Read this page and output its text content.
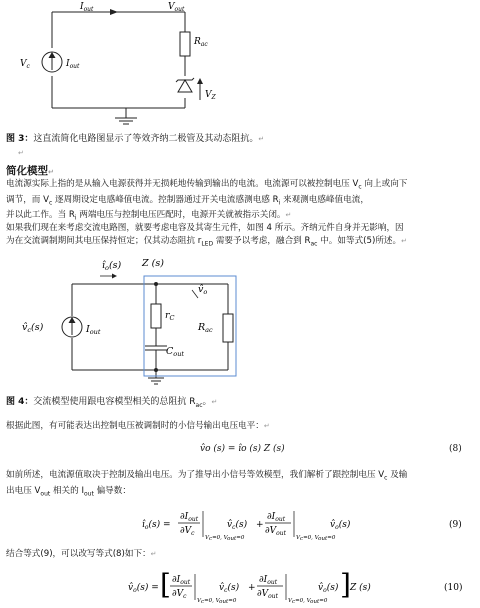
$I_{out}$	$V_{out}$
$R_{ac}$
$V_c$	$I_{out}$
$V_Z$
图 3：这直流简化电路图显示了等效齐纳二极管及其动态阻抗。↵
↵
简化模型↵
电流源实际上指的是从输入电源获得并无损耗地传输到输出的电流。电流源可以被控制电压 $V_c$ 向上或向下
调节，而 $V_c$ 逐周期设定电感峰值电流。控制器通过开关电流感测电感 $R_i$ 来观测电感峰值电流，
并以此工作。当 $R_i$ 两端电压与控制电压匹配时，电源开关就被指示关闭。↵
如果我们现在来考虑交流电路图，就要考虑电容及其寄生元件，如图 4 所示。齐纳元件自身并无影响，因
为在交流调制期间其电压保持恒定；仅其动态阻抗 $r_{LED}$ 需要予以考虑，融合到 $R_{ac}$ 中。如等式(5)所述。↵
$î_o(s)$ Z (s)
$v̂_o$
$v̂_c(s)$	$I_{out}$
$r_C$
$R_{ac}$
$C_{out}$
图 4：交流模型使用跟电容模型相关的总阻抗 $R_{ac}$。↵
根据此图，有可能表达出控制电压被调制时的小信号输出电压电平：↵
v̂o (s) = îo (s) Z (s)	(8)
如前所述，电流源值取决于控制及输出电压。为了推导出小信号等效模型，我们解析了跟控制电压 $V_c$ 及输
出电压 $V_{out}$ 相关的 $I_{out}$ 偏导数：
$î_o(s)$ =
$\partial I_{out}$
$\partial V_c$
Vc=0, Vout=0
$v̂_c(s)$ +
$\partial I_{out}$
$\partial V_{out}$
Vc=0, Vout=0
$v̂_o(s)$	(9)
结合等式(9)，可以改写等式(8)如下：↵
$v̂_o(s)$ = [ $\partial I_{out}$
$\partial V_c$
Vc=0, Vout=0
$v̂_c(s)$ +
$\partial I_{out}$
$\partial V_{out}$
Vc=0, Vout=0
$v̂_o(s)$ ] Z (s)	(10)
